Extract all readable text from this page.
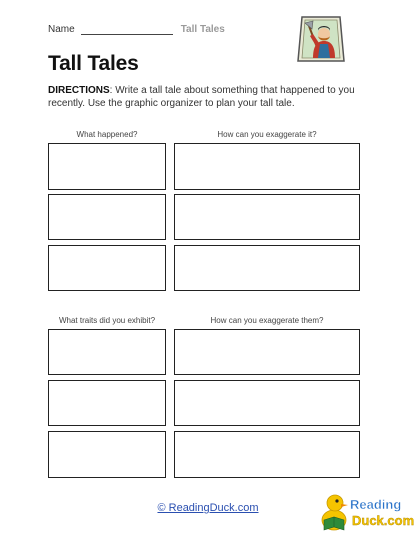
Name	Tall Tales
Tall Tales
DIRECTIONS: Write a tall tale about something that happened to you recently. Use the graphic organizer to plan your tall tale.
What happened?	How can you exaggerate it?
What traits did you exhibit?	How can you exaggerate them?
© ReadingDuck.com	Reading
Duck.com
